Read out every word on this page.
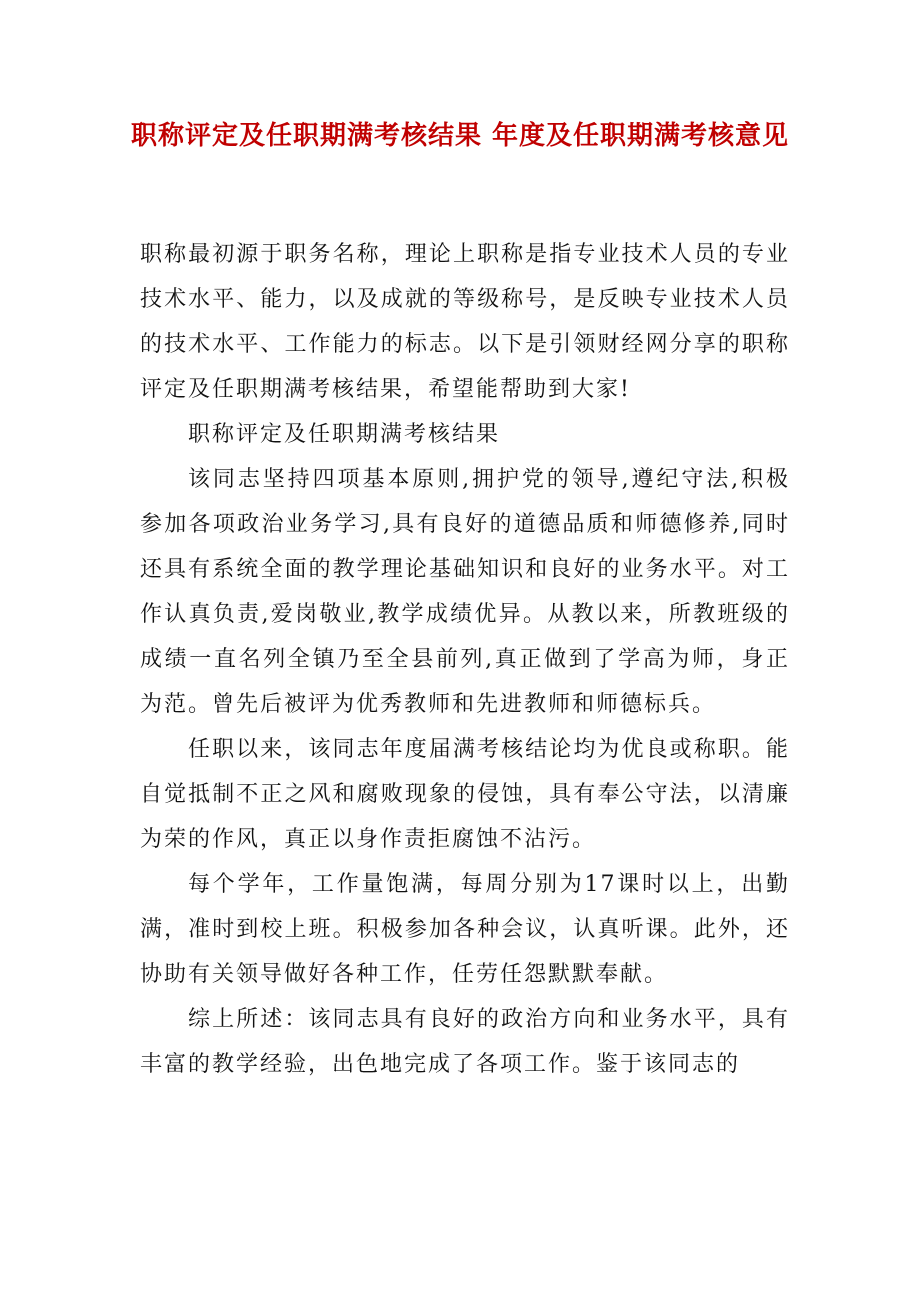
职称评定及任职期满考核结果 年度及任职期满考核意见

职称最初源于职务名称，理论上职称是指专业技术人员的专业技术水平、能力，以及成就的等级称号，是反映专业技术人员的技术水平、工作能力的标志。以下是引领财经网分享的职称评定及任职期满考核结果，希望能帮助到大家!

职称评定及任职期满考核结果

该同志坚持四项基本原则,拥护党的领导,遵纪守法,积极参加各项政治业务学习,具有良好的道德品质和师德修养,同时还具有系统全面的教学理论基础知识和良好的业务水平。对工作认真负责,爱岗敬业,教学成绩优异。从教以来，所教班级的成绩一直名列全镇乃至全县前列,真正做到了学高为师，身正为范。曾先后被评为优秀教师和先进教师和师德标兵。

任职以来，该同志年度届满考核结论均为优良或称职。能自觉抵制不正之风和腐败现象的侵蚀，具有奉公守法，以清廉为荣的作风，真正以身作责拒腐蚀不沾污。

每个学年，工作量饱满，每周分别为17课时以上，出勤满，准时到校上班。积极参加各种会议，认真听课。此外，还协助有关领导做好各种工作，任劳任怨默默奉献。

综上所述：该同志具有良好的政治方向和业务水平，具有丰富的教学经验，出色地完成了各项工作。鉴于该同志的
